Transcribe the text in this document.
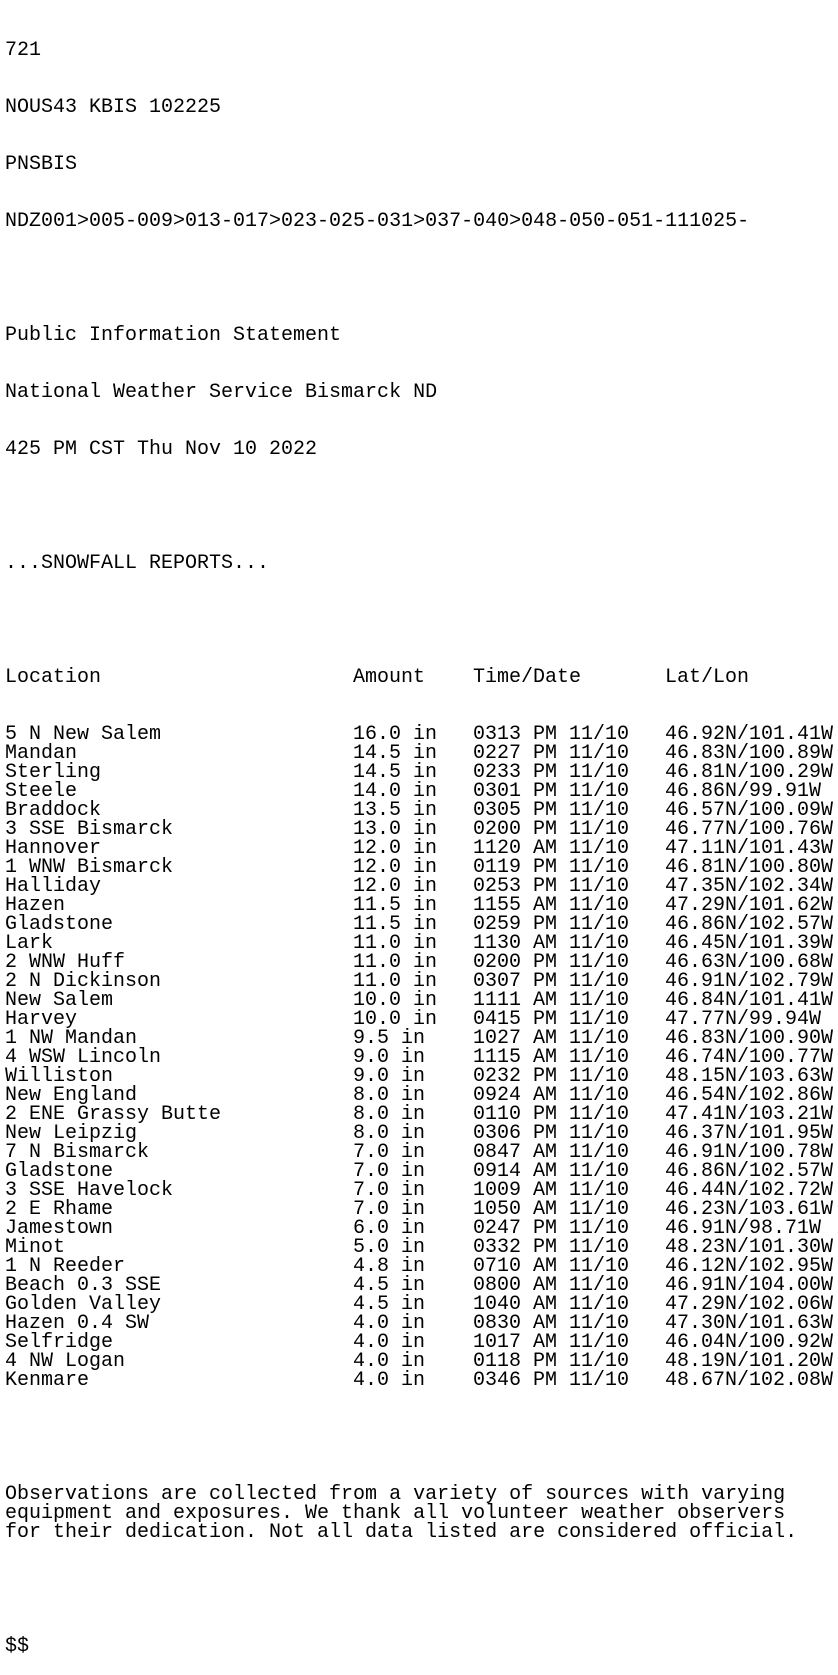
721

NOUS43 KBIS 102225

PNSBIS

NDZ001>005-009>013-017>023-025-031>037-040>048-050-051-111025-

Public Information Statement

National Weather Service Bismarck ND

425 PM CST Thu Nov 10 2022

...SNOWFALL REPORTS...

Location	Amount Time/Date	Lat/Lon

5 N New Salem	16.0 in 0313 PM 11/10 46.92N/101.41W
Mandan	14.5 in 0227 PM 11/10 46.83N/100.89W
Sterling	14.5 in 0233 PM 11/10 46.81N/100.29W
Steele	14.0 in 0301 PM 11/10 46.86N/99.91W
Braddock	13.5 in 0305 PM 11/10 46.57N/100.09W
3 SSE Bismarck	13.0 in 0200 PM 11/10 46.77N/100.76W
Hannover	12.0 in 1120 AM 11/10 47.11N/101.43W
1 WNW Bismarck	12.0 in 0119 PM 11/10 46.81N/100.80W
Halliday	12.0 in 0253 PM 11/10 47.35N/102.34W
Hazen	11.5 in 1155 AM 11/10 47.29N/101.62W
Gladstone	11.5 in 0259 PM 11/10 46.86N/102.57W
Lark	11.0 in 1130 AM 11/10 46.45N/101.39W
2 WNW Huff	11.0 in 0200 PM 11/10 46.63N/100.68W
2 N Dickinson	11.0 in 0307 PM 11/10 46.91N/102.79W
New Salem	10.0 in 1111 AM 11/10 46.84N/101.41W
Harvey	10.0 in 0415 PM 11/10 47.77N/99.94W
1 NW Mandan	9.5 in 1027 AM 11/10 46.83N/100.90W
4 WSW Lincoln	9.0 in 1115 AM 11/10 46.74N/100.77W
Williston	9.0 in 0232 PM 11/10 48.15N/103.63W
New England	8.0 in 0924 AM 11/10 46.54N/102.86W
2 ENE Grassy Butte	8.0 in 0110 PM 11/10 47.41N/103.21W
New Leipzig	8.0 in 0306 PM 11/10 46.37N/101.95W
7 N Bismarck	7.0 in 0847 AM 11/10 46.91N/100.78W
Gladstone	7.0 in 0914 AM 11/10 46.86N/102.57W
3 SSE Havelock	7.0 in 1009 AM 11/10 46.44N/102.72W
2 E Rhame	7.0 in 1050 AM 11/10 46.23N/103.61W
Jamestown	6.0 in 0247 PM 11/10 46.91N/98.71W
Minot	5.0 in 0332 PM 11/10 48.23N/101.30W
1 N Reeder	4.8 in 0710 AM 11/10 46.12N/102.95W
Beach 0.3 SSE	4.5 in 0800 AM 11/10 46.91N/104.00W
Golden Valley	4.5 in 1040 AM 11/10 47.29N/102.06W
Hazen 0.4 SW	4.0 in 0830 AM 11/10 47.30N/101.63W
Selfridge	4.0 in 1017 AM 11/10 46.04N/100.92W
4 NW Logan	4.0 in 0118 PM 11/10 48.19N/101.20W
Kenmare	4.0 in 0346 PM 11/10 48.67N/102.08W

Observations are collected from a variety of sources with varying
equipment and exposures. We thank all volunteer weather observers
for their dedication. Not all data listed are considered official.

$$
